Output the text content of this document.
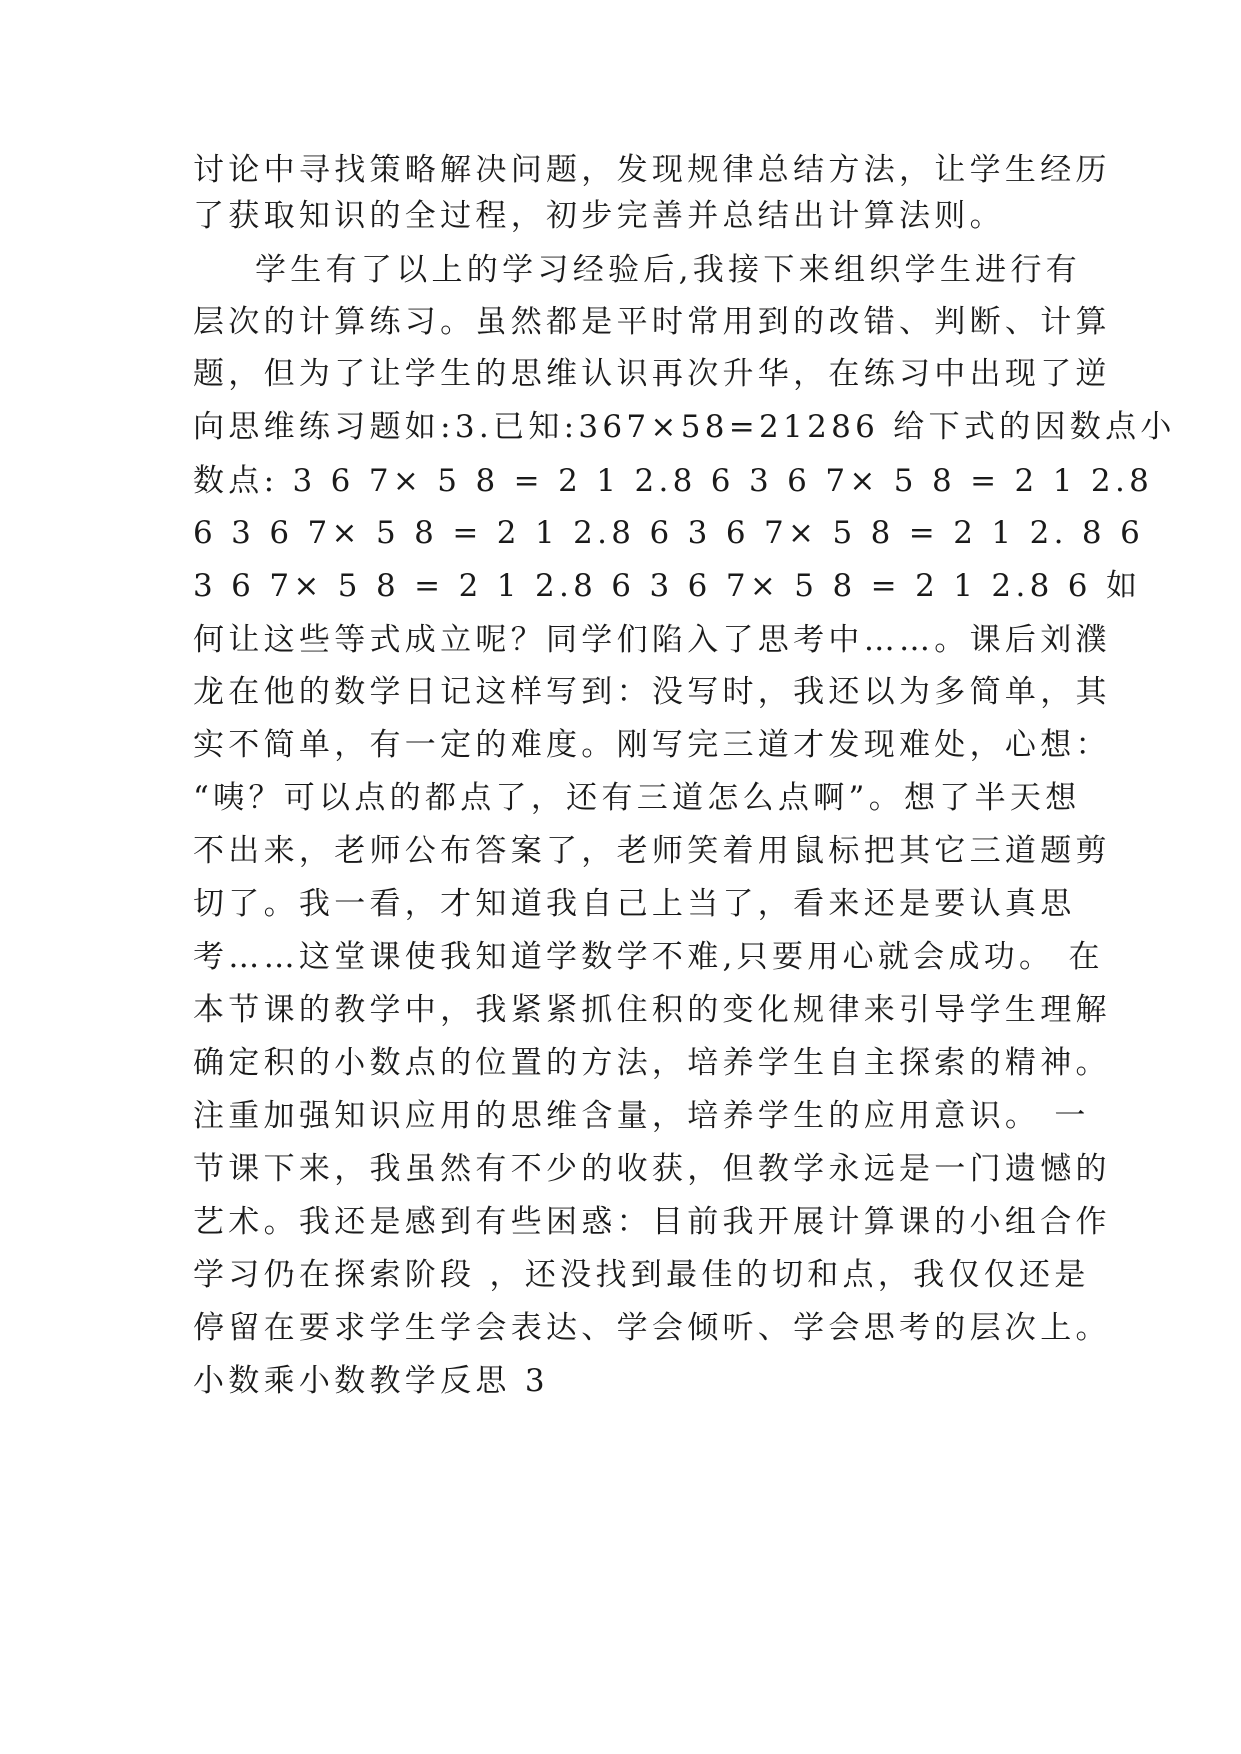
讨论中寻找策略解决问题，发现规律总结方法，让学生经历
了获取知识的全过程，初步完善并总结出计算法则。
学生有了以上的学习经验后,我接下来组织学生进行有
层次的计算练习。虽然都是平时常用到的改错、判断、计算
题，但为了让学生的思维认识再次升华，在练习中出现了逆
向思维练习题如:3.已知:367×58=21286 给下式的因数点小
数点: 3 6 7× 5 8 = 2 1 2.8 6 3 6 7× 5 8 = 2 1 2.8
6 3 6 7× 5 8 = 2 1 2.8 6 3 6 7× 5 8 = 2 1 2. 8 6
3 6 7× 5 8 = 2 1 2.8 6 3 6 7× 5 8 = 2 1 2.8 6 如
何让这些等式成立呢？同学们陷入了思考中……。课后刘濮
龙在他的数学日记这样写到：没写时，我还以为多简单，其
实不简单，有一定的难度。刚写完三道才发现难处，心想：
“咦？可以点的都点了，还有三道怎么点啊”。想了半天想
不出来，老师公布答案了，老师笑着用鼠标把其它三道题剪
切了。我一看，才知道我自己上当了，看来还是要认真思
考……这堂课使我知道学数学不难,只要用心就会成功。 在
本节课的教学中，我紧紧抓住积的变化规律来引导学生理解
确定积的小数点的位置的方法，培养学生自主探索的精神。
注重加强知识应用的思维含量，培养学生的应用意识。 一
节课下来，我虽然有不少的收获，但教学永远是一门遗憾的
艺术。我还是感到有些困惑：目前我开展计算课的小组合作
学习仍在探索阶段 ，还没找到最佳的切和点，我仅仅还是
停留在要求学生学会表达、学会倾听、学会思考的层次上。
小数乘小数教学反思 3
